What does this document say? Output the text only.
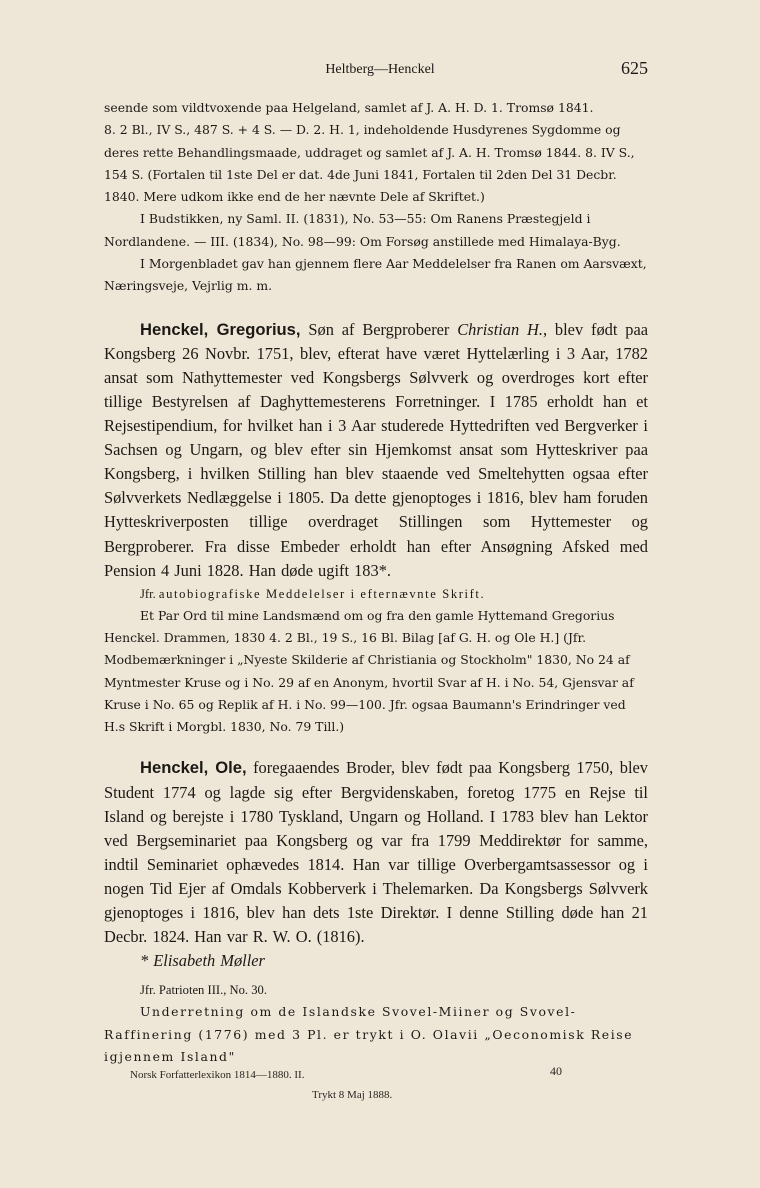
Heltberg—Henckel	625

seende som vildtvoxende paa Helgeland, samlet af J. A. H. D. 1. Tromsø 1841.

8. 2 Bl., IV S., 487 S. + 4 S. — D. 2. H. 1, indeholdende Husdyrenes Sygdomme og deres rette Behandlingsmaade, uddraget og samlet af J. A. H. Tromsø 1844. 8. IV S., 154 S. (Fortalen til 1ste Del er dat. 4de Juni 1841, Fortalen til 2den Del 31 Decbr. 1840. Mere udkom ikke end de her nævnte Dele af Skriftet.)

I Budstikken, ny Saml. II. (1831), No. 53—55: Om Ranens Præstegjeld i Nordlandene. — III. (1834), No. 98—99: Om Forsøg anstillede med Himalaya-Byg.

I Morgenbladet gav han gjennem flere Aar Meddelelser fra Ranen om Aarsvæxt, Næringsveje, Vejrlig m. m.

Henckel, Gregorius, Søn af Bergproberer Christian H., blev født paa Kongsberg 26 Novbr. 1751, blev, efterat have været Hyttelærling i 3 Aar, 1782 ansat som Nathyttemester ved Kongsbergs Sølvverk og overdroges kort efter tillige Bestyrelsen af Daghyttemesterens Forretninger. I 1785 erholdt han et Rejsestipendium, for hvilket han i 3 Aar studerede Hyttedriften ved Bergverker i Sachsen og Ungarn, og blev efter sin Hjemkomst ansat som Hytteskriver paa Kongsberg, i hvilken Stilling han blev staaende ved Smeltehytten ogsaa efter Sølvverkets Nedlæggelse i 1805. Da dette gjenoptoges i 1816, blev ham foruden Hytteskriverposten tillige overdraget Stillingen som Hyttemester og Bergproberer. Fra disse Embeder erholdt han efter Ansøgning Afsked med Pension 4 Juni 1828. Han døde ugift 183*.

Jfr. autobiografiske Meddelelser i efternævnte Skrift.

Et Par Ord til mine Landsmænd om og fra den gamle Hyttemand Gregorius Henckel. Drammen, 1830 4. 2 Bl., 19 S., 16 Bl. Bilag [af G. H. og Ole H.] (Jfr. Modbemærkninger i „Nyeste Skilderie af Christiania og Stockholm" 1830, No 24 af Myntmester Kruse og i No. 29 af en Anonym, hvortil Svar af H. i No. 54, Gjensvar af Kruse i No. 65 og Replik af H. i No. 99—100. Jfr. ogsaa Baumann's Erindringer ved H.s Skrift i Morgbl. 1830, No. 79 Till.)

Henckel, Ole, foregaaendes Broder, blev født paa Kongsberg 1750, blev Student 1774 og lagde sig efter Bergvidenskaben, foretog 1775 en Rejse til Island og berejste i 1780 Tyskland, Ungarn og Holland. I 1783 blev han Lektor ved Bergseminariet paa Kongsberg og var fra 1799 Meddirektør for samme, indtil Seminariet ophævedes 1814. Han var tillige Overbergamtsassessor og i nogen Tid Ejer af Omdals Kobberverk i Thelemarken. Da Kongsbergs Sølvverk gjenoptoges i 1816, blev han dets 1ste Direktør. I denne Stilling døde han 21 Decbr. 1824. Han var R. W. O. (1816).

* Elisabeth Møller

Jfr. Patrioten III., No. 30.

Underretning om de Islandske Svovel-Miiner og Svovel-Raffinering (1776) med 3 Pl. er trykt i O. Olavii „Oeconomisk Reise igjennem Island"

Norsk Forfatterlexikon 1814—1880. II.	40
Trykt 8 Maj 1888.
